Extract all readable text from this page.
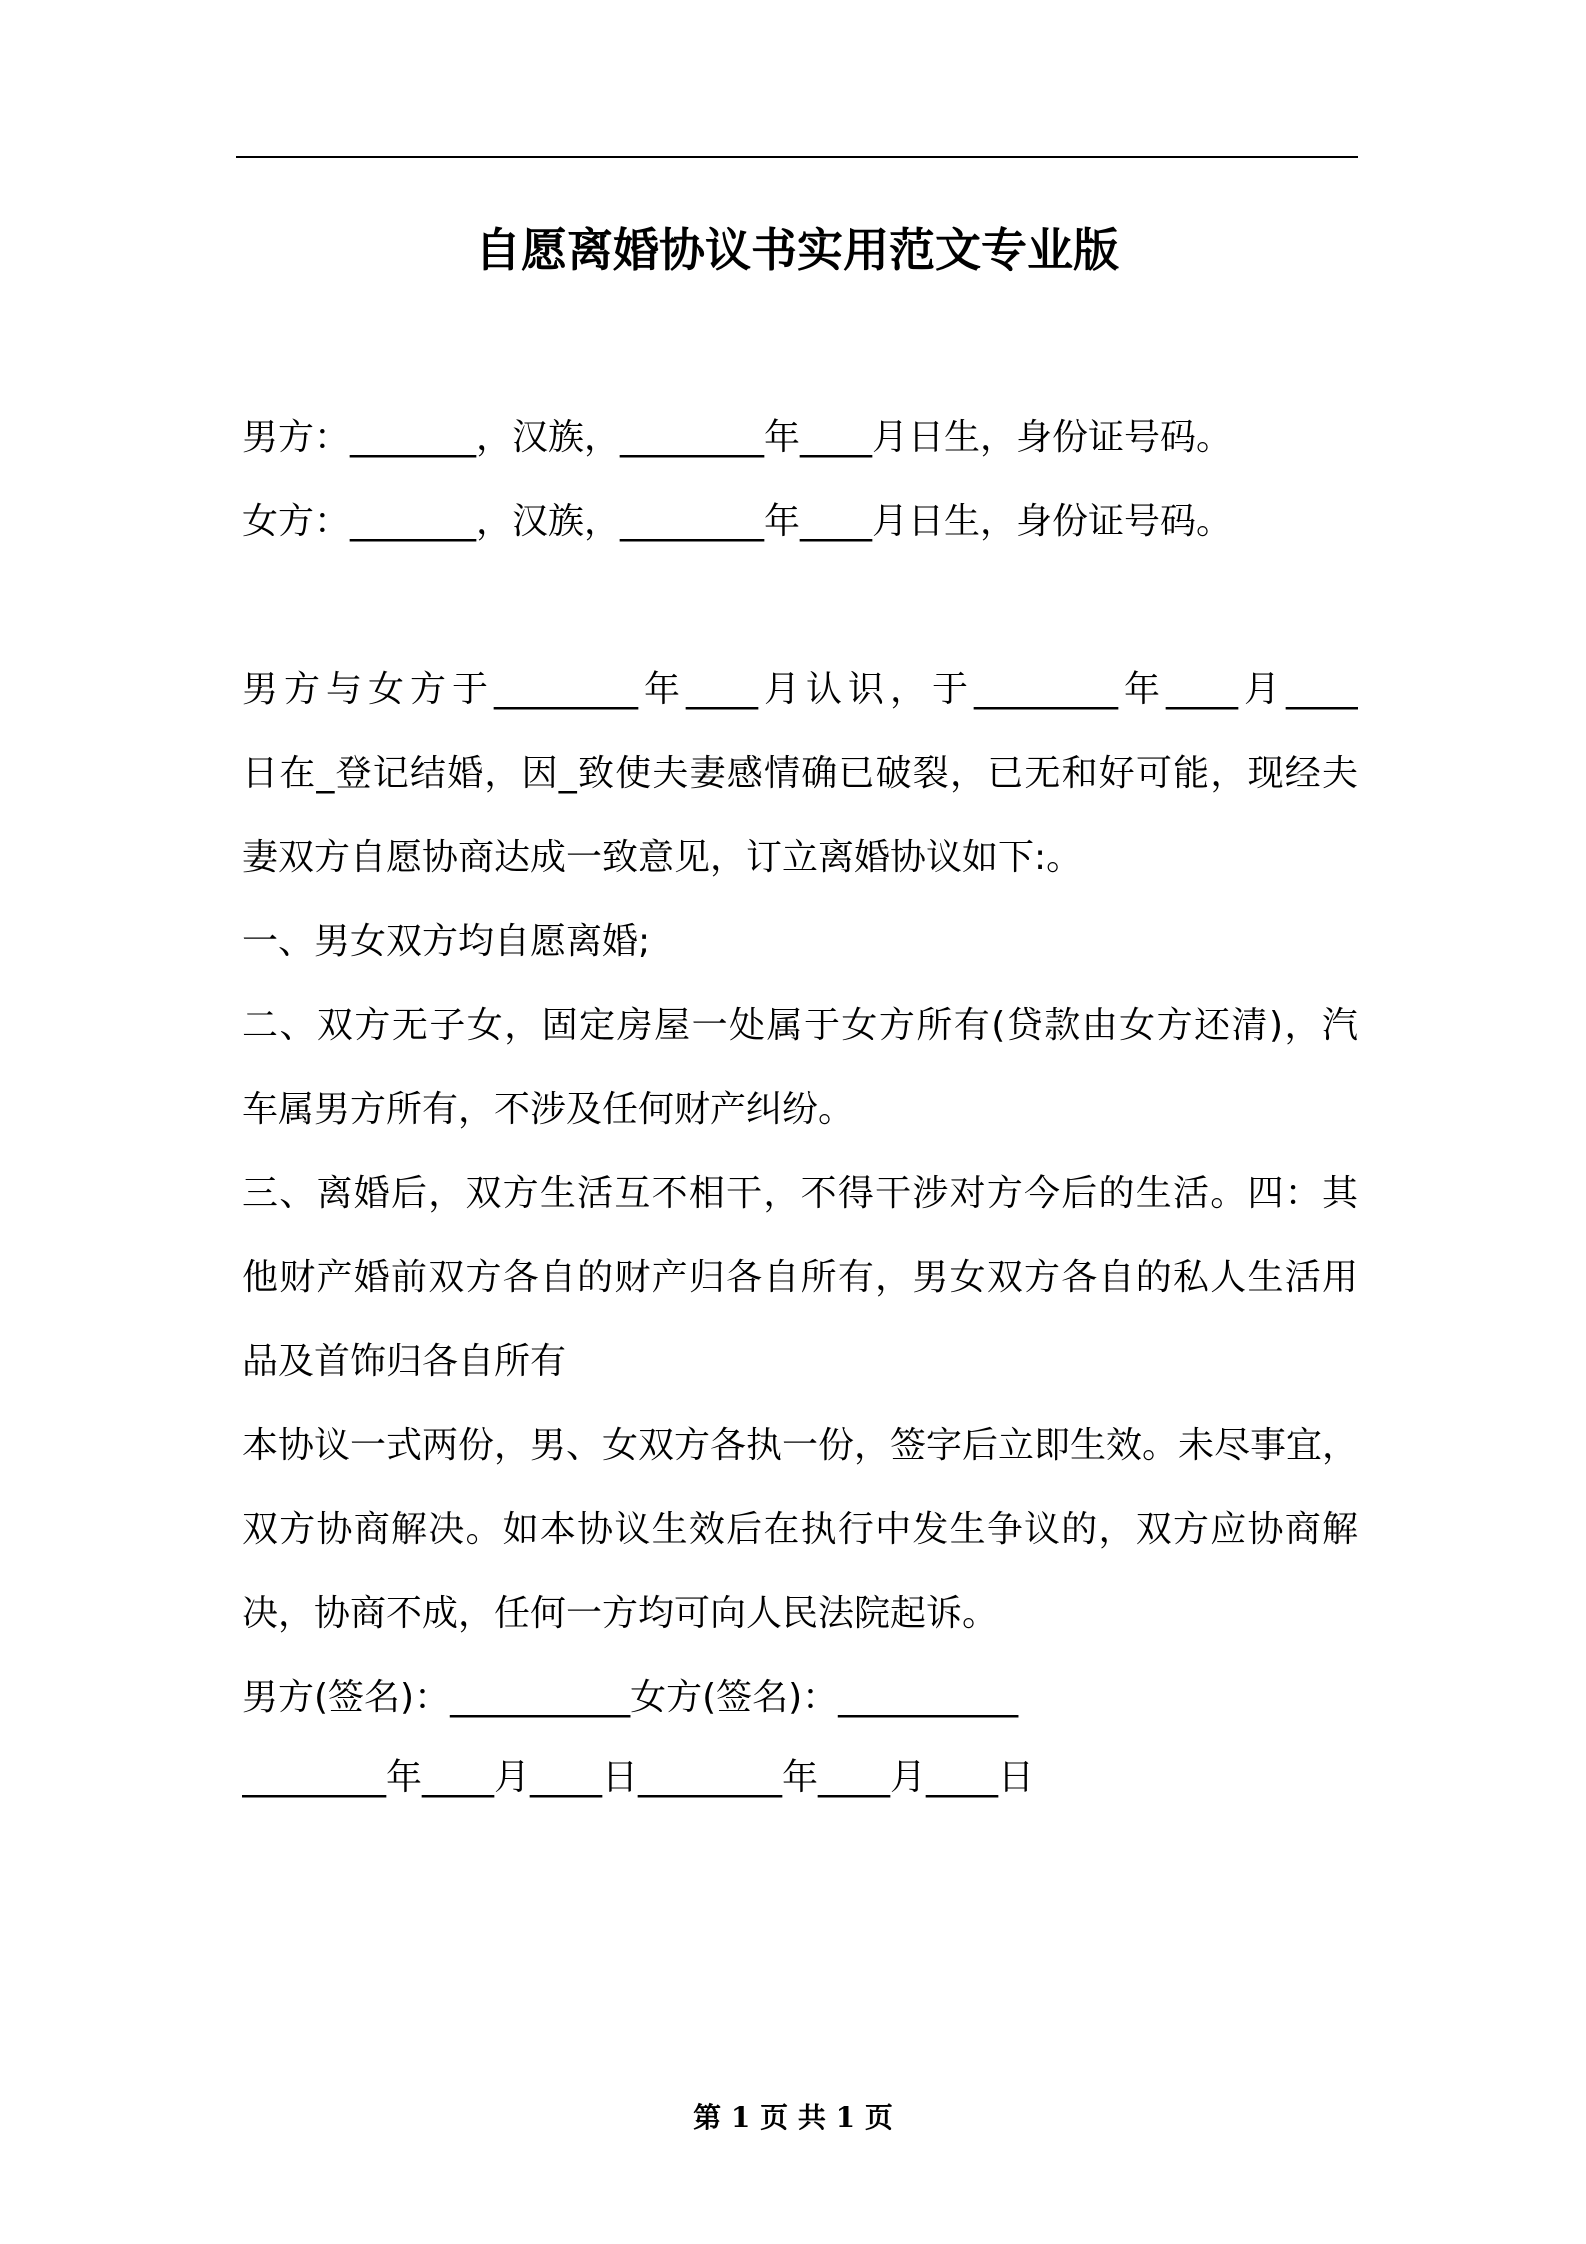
自愿离婚协议书实用范文专业版
男方：_______，汉族，________年____月日生，身份证号码。
女方：_______，汉族，________年____月日生，身份证号码。
男方与女方于________年____月认识，于________年____月____
日在_登记结婚，因_致使夫妻感情确已破裂，已无和好可能，现经夫
妻双方自愿协商达成一致意见，订立离婚协议如下:。
一、男女双方均自愿离婚;
二、双方无子女，固定房屋一处属于女方所有(贷款由女方还清)，汽
车属男方所有，不涉及任何财产纠纷。
三、离婚后，双方生活互不相干，不得干涉对方今后的生活。四：其
他财产婚前双方各自的财产归各自所有，男女双方各自的私人生活用
品及首饰归各自所有
本协议一式两份，男、女双方各执一份，签字后立即生效。未尽事宜，
双方协商解决。如本协议生效后在执行中发生争议的，双方应协商解
决，协商不成，任何一方均可向人民法院起诉。
男方(签名)：__________女方(签名)：__________
________年____月____日________年____月____日
第 1 页 共 1 页
